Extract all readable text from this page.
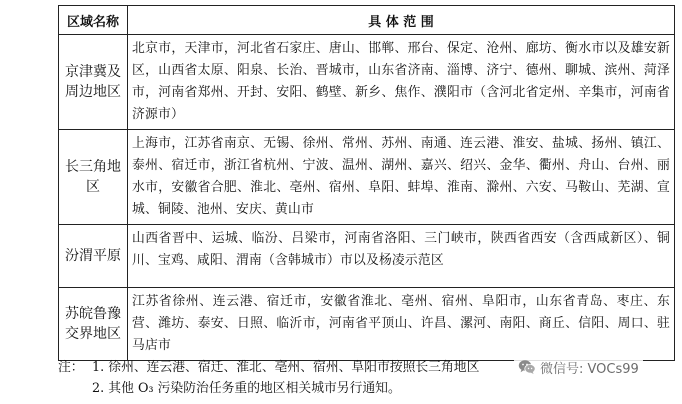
区域名称	具 体 范 围
京津冀及周边地区	北京市，天津市，河北省石家庄、唐山、邯郸、邢台、保定、沧州、廊坊、衡水市以及雄安新区，山西省太原、阳泉、长治、晋城市，山东省济南、淄博、济宁、德州、聊城、滨州、菏泽市，河南省郑州、开封、安阳、鹤壁、新乡、焦作、濮阳市（含河北省定州、辛集市，河南省济源市）
长三角地区	上海市，江苏省南京、无锡、徐州、常州、苏州、南通、连云港、淮安、盐城、扬州、镇江、泰州、宿迁市，浙江省杭州、宁波、温州、湖州、嘉兴、绍兴、金华、衢州、舟山、台州、丽水市，安徽省合肥、淮北、亳州、宿州、阜阳、蚌埠、淮南、滁州、六安、马鞍山、芜湖、宣城、铜陵、池州、安庆、黄山市
汾渭平原	山西省晋中、运城、临汾、吕梁市，河南省洛阳、三门峡市，陕西省西安（含西咸新区）、铜川、宝鸡、咸阳、渭南（含韩城市）市以及杨凌示范区
苏皖鲁豫交界地区	江苏省徐州、连云港、宿迁市，安徽省淮北、亳州、宿州、阜阳市，山东省青岛、枣庄、东营、潍坊、泰安、日照、临沂市，河南省平顶山、许昌、漯河、南阳、商丘、信阳、周口、驻马店市
注： 1. 徐州、连云港、宿迁、淮北、亳州、宿州、阜阳市按照长三角地区
2. 其他 O₃ 污染防治任务重的地区相关城市另行通知。
微信号: VOCs99
